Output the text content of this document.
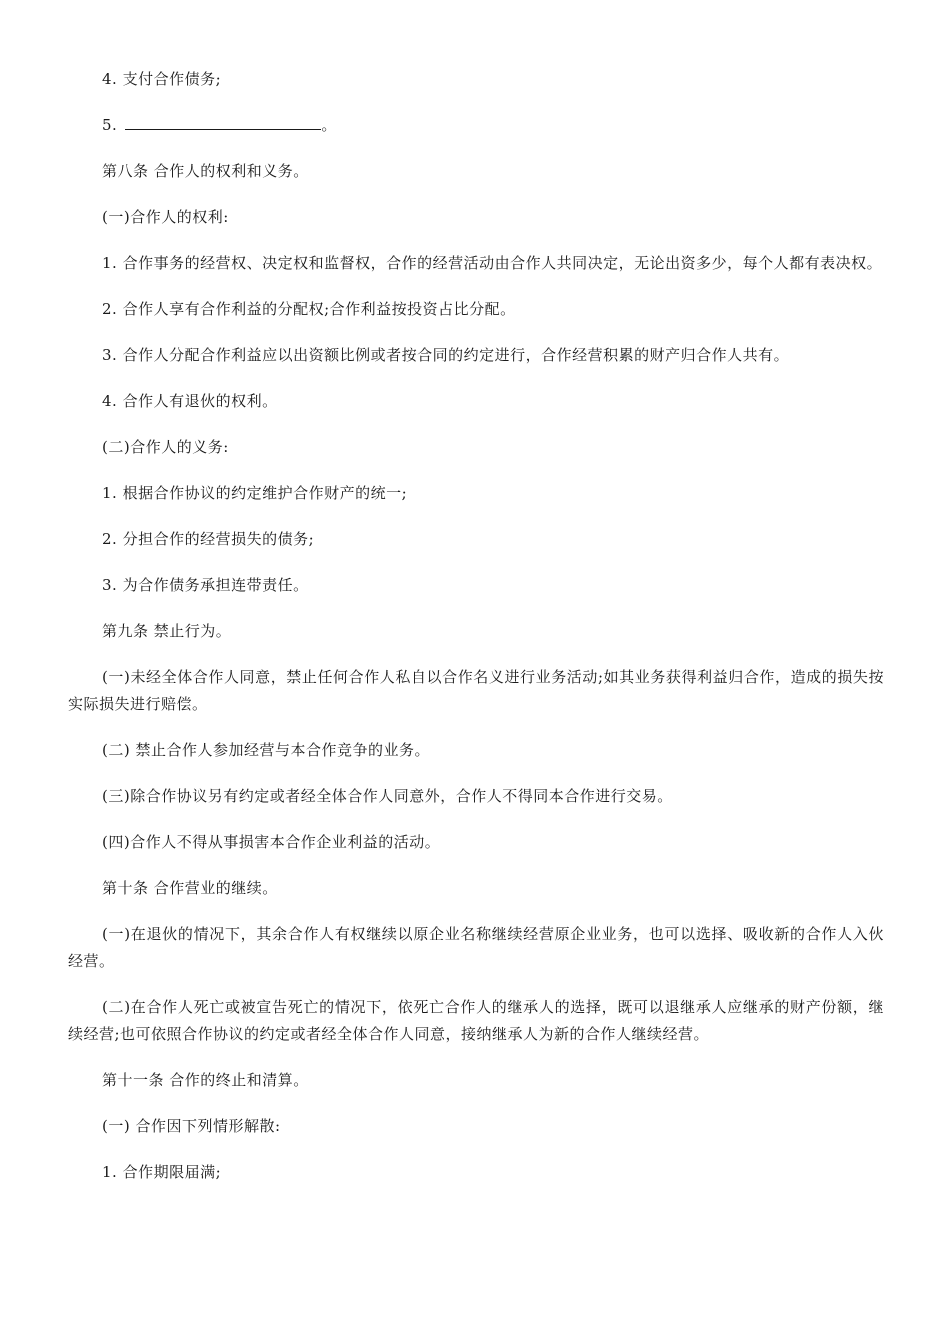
4. 支付合作债务;

5.	。

第八条 合作人的权利和义务。

(一)合作人的权利:

1. 合作事务的经营权、决定权和监督权，合作的经营活动由合作人共同决定，无论出资多少，每个人都有表决权。

2. 合作人享有合作利益的分配权;合作利益按投资占比分配。

3. 合作人分配合作利益应以出资额比例或者按合同的约定进行，合作经营积累的财产归合作人共有。

4. 合作人有退伙的权利。

(二)合作人的义务:

1. 根据合作协议的约定维护合作财产的统一;

2. 分担合作的经营损失的债务;

3. 为合作债务承担连带责任。

第九条 禁止行为。

(一)未经全体合作人同意，禁止任何合作人私自以合作名义进行业务活动;如其业务获得利益归合作，造成的损失按实际损失进行赔偿。

(二) 禁止合作人参加经营与本合作竞争的业务。

(三)除合作协议另有约定或者经全体合作人同意外，合作人不得同本合作进行交易。

(四)合作人不得从事损害本合作企业利益的活动。

第十条 合作营业的继续。

(一)在退伙的情况下，其余合作人有权继续以原企业名称继续经营原企业业务，也可以选择、吸收新的合作人入伙经营。

(二)在合作人死亡或被宣告死亡的情况下，依死亡合作人的继承人的选择，既可以退继承人应继承的财产份额，继续经营;也可依照合作协议的约定或者经全体合作人同意，接纳继承人为新的合作人继续经营。

第十一条 合作的终止和清算。

(一) 合作因下列情形解散:

1. 合作期限届满;
